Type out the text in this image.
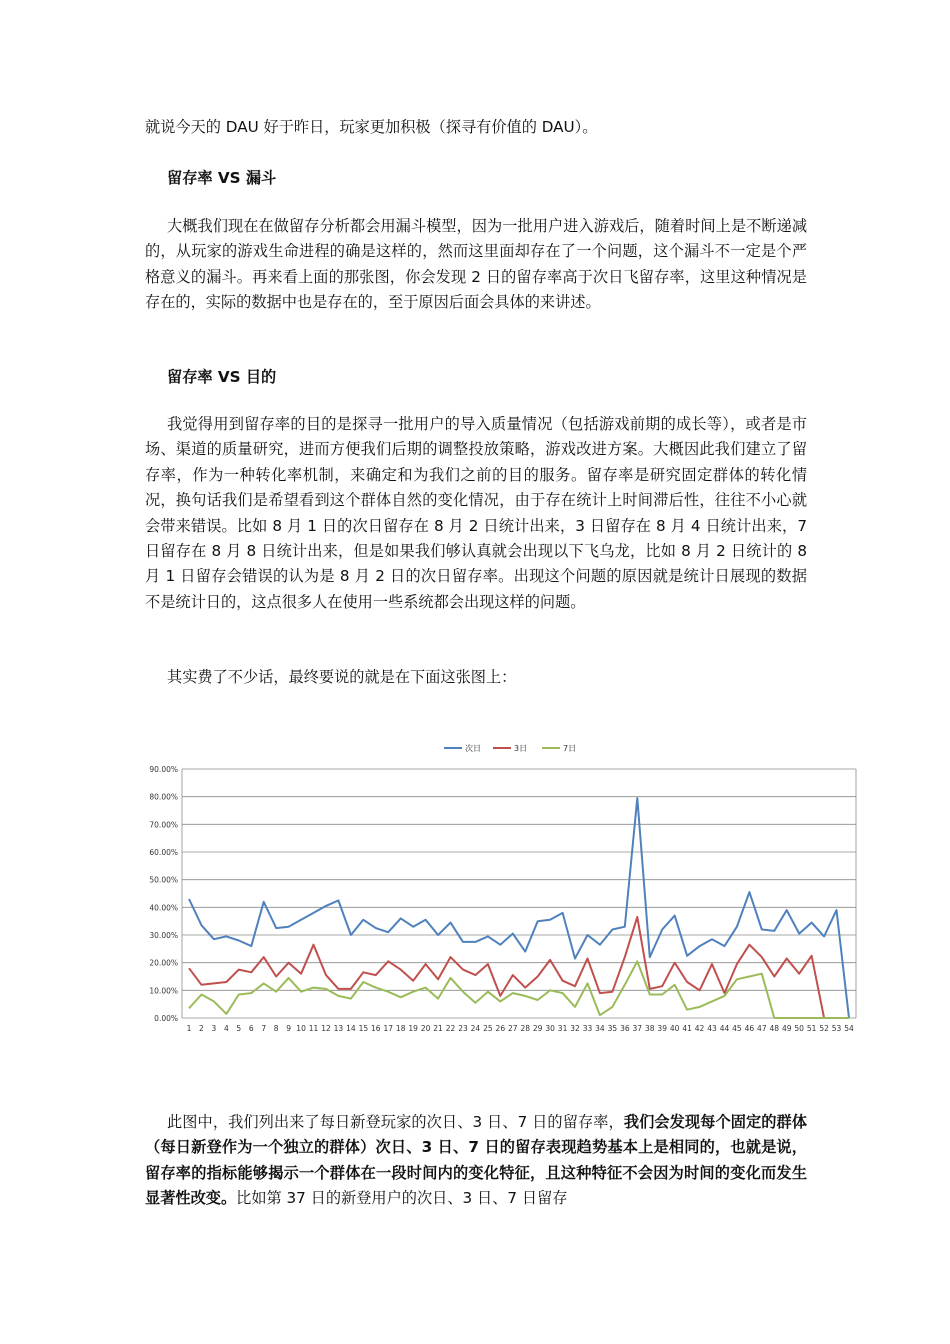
就说今天的 DAU 好于昨日，玩家更加积极（探寻有价值的 DAU）。

留存率 VS 漏斗

大概我们现在在做留存分析都会用漏斗模型，因为一批用户进入游戏后，随着时间上是不断递减的，从玩家的游戏生命进程的确是这样的，然而这里面却存在了一个问题，这个漏斗不一定是个严格意义的漏斗。再来看上面的那张图，你会发现 2 日的留存率高于次日飞留存率，这里这种情况是存在的，实际的数据中也是存在的，至于原因后面会具体的来讲述。

留存率 VS 目的

我觉得用到留存率的目的是探寻一批用户的导入质量情况（包括游戏前期的成长等），或者是市场、渠道的质量研究，进而方便我们后期的调整投放策略，游戏改进方案。大概因此我们建立了留存率，作为一种转化率机制，来确定和为我们之前的目的服务。留存率是研究固定群体的转化情况，换句话我们是希望看到这个群体自然的变化情况，由于存在统计上时间滞后性，往往不小心就会带来错误。比如 8 月 1 日的次日留存在 8 月 2 日统计出来，3 日留存在 8 月 4 日统计出来，7 日留存在 8 月 8 日统计出来，但是如果我们够认真就会出现以下飞乌龙，比如 8 月 2 日统计的 8 月 1 日留存会错误的认为是 8 月 2 日的次日留存率。出现这个问题的原因就是统计日展现的数据不是统计日的，这点很多人在使用一些系统都会出现这样的问题。

其实费了不少话，最终要说的就是在下面这张图上：

0.00%
10.00%
20.00%
30.00%
40.00%
50.00%
60.00%
70.00%
80.00%
90.00%
1 2 3 4 5 6 7 8 9 10 11 12 13 14 15 16 17 18 19 20 21 22 23 24 25 26 27 28 29 30 31 32 33 34 35 36 37 38 39 40 41 42 43 44 45 46 47 48 49 50 51 52 53 54
次日	3日	7日

此图中，我们列出来了每日新登玩家的次日、3 日、7 日的留存率，我们会发现每个固定的群体（每日新登作为一个独立的群体）次日、3 日、7 日的留存表现趋势基本上是相同的，也就是说，留存率的指标能够揭示一个群体在一段时间内的变化特征，且这种特征不会因为时间的变化而发生显著性改变。比如第 37 日的新登用户的次日、3 日、7 日留存
